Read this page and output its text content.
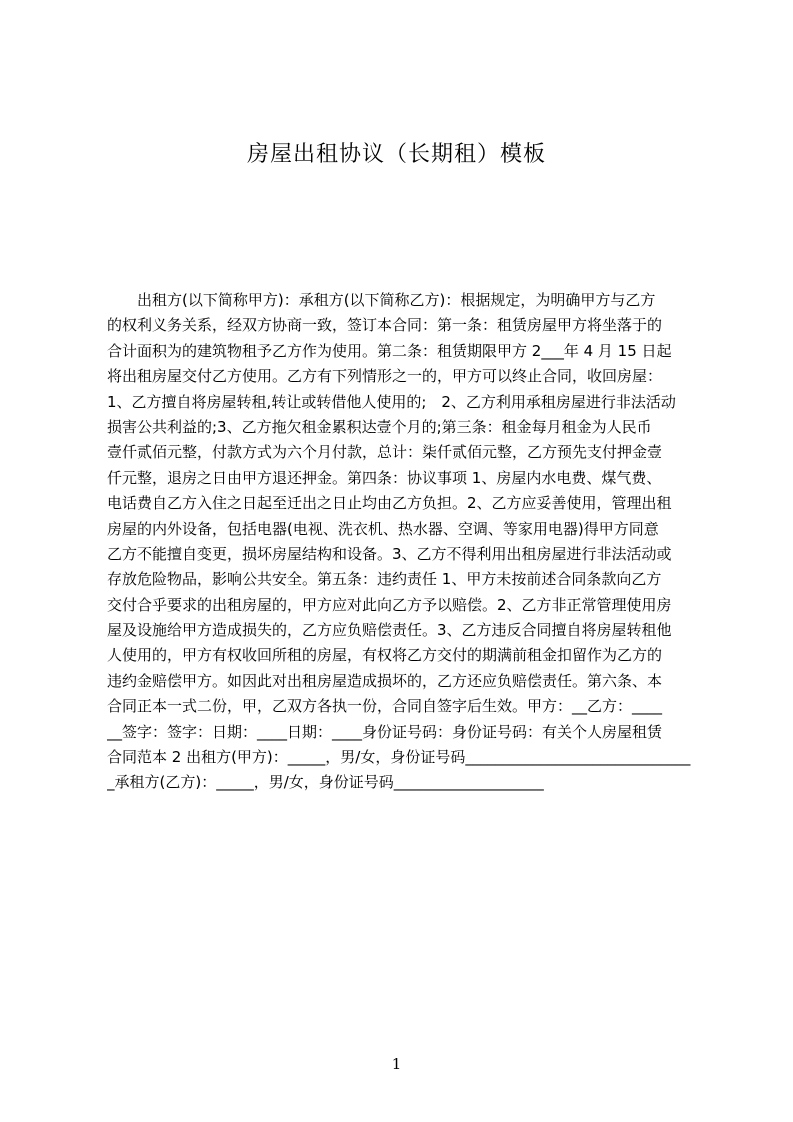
房屋出租协议（长期租）模板
　　出租方(以下简称甲方)：承租方(以下简称乙方)：根据规定，为明确甲方与乙方
的权利义务关系，经双方协商一致，签订本合同：第一条：租赁房屋甲方将坐落于的
合计面积为的建筑物租予乙方作为使用。第二条：租赁期限甲方 2___年 4 月 15 日起
将出租房屋交付乙方使用。乙方有下列情形之一的，甲方可以终止合同，收回房屋：
1、乙方擅自将房屋转租,转让或转借他人使用的;　2、乙方利用承租房屋进行非法活动
损害公共利益的;3、乙方拖欠租金累积达壹个月的;第三条：租金每月租金为人民币
壹仟贰佰元整，付款方式为六个月付款，总计：柒仟贰佰元整，乙方预先支付押金壹
仟元整，退房之日由甲方退还押金。第四条：协议事项 1、房屋内水电费、煤气费、
电话费自乙方入住之日起至迁出之日止均由乙方负担。2、乙方应妥善使用，管理出租
房屋的内外设备，包括电器(电视、洗衣机、热水器、空调、等家用电器)得甲方同意
乙方不能擅自变更，损坏房屋结构和设备。3、乙方不得利用出租房屋进行非法活动或
存放危险物品，影响公共安全。第五条：违约责任 1、甲方未按前述合同条款向乙方
交付合乎要求的出租房屋的，甲方应对此向乙方予以赔偿。2、乙方非正常管理使用房
屋及设施给甲方造成损失的，乙方应负赔偿责任。3、乙方违反合同擅自将房屋转租他
人使用的，甲方有权收回所租的房屋，有权将乙方交付的期满前租金扣留作为乙方的
违约金赔偿甲方。如因此对出租房屋造成损坏的，乙方还应负赔偿责任。第六条、本
合同正本一式二份，甲，乙双方各执一份，合同自签字后生效。甲方：__乙方：____
__签字：签字：日期：____日期：____身份证号码：身份证号码：有关个人房屋租赁
合同范本 2 出租方(甲方)：_____，男/女，身份证号码______________________________
_承租方(乙方)：_____，男/女，身份证号码____________________
1
